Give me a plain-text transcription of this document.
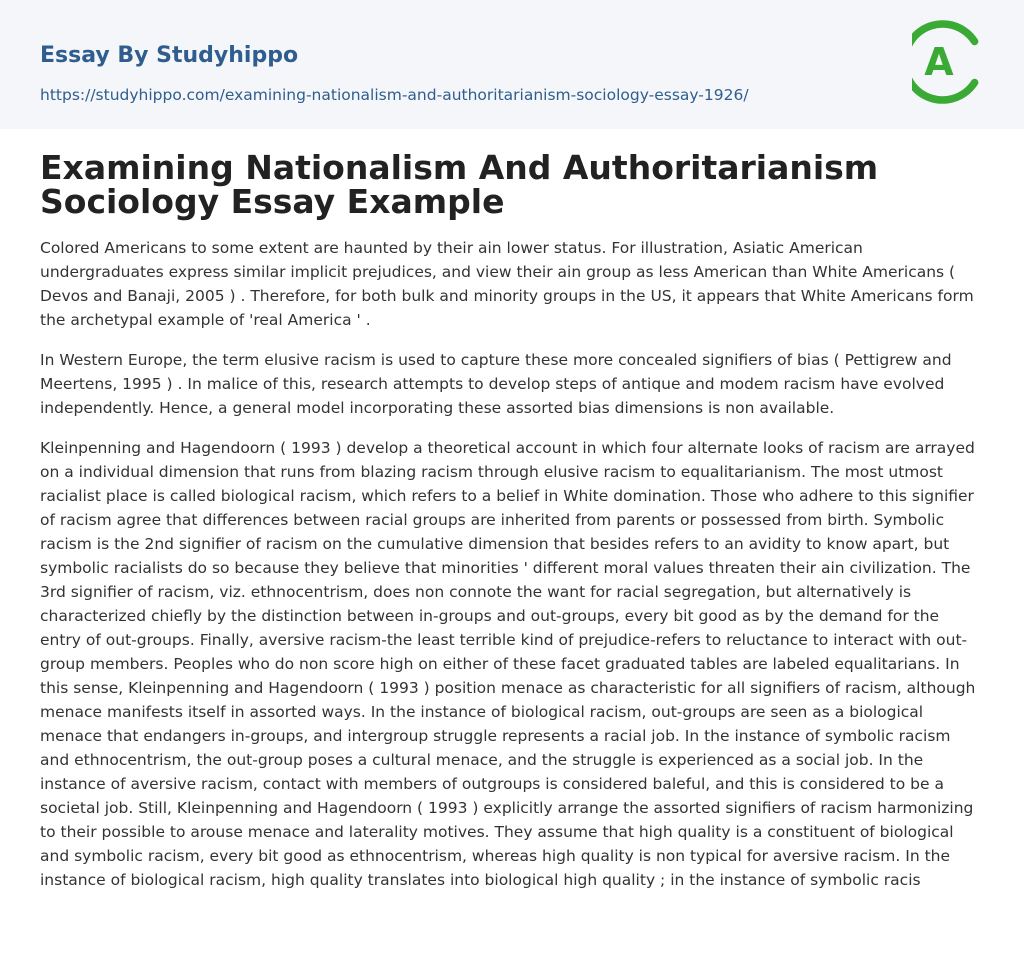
Essay By Studyhippo
https://studyhippo.com/examining-nationalism-and-authoritarianism-sociology-essay-1926/
A
Examining Nationalism And Authoritarianism Sociology Essay Example

Colored Americans to some extent are haunted by their ain lower status. For illustration, Asiatic American undergraduates express similar implicit prejudices, and view their ain group as less American than White Americans ( Devos and Banaji, 2005 ) . Therefore, for both bulk and minority groups in the US, it appears that White Americans form the archetypal example of 'real America ' .

In Western Europe, the term elusive racism is used to capture these more concealed signifiers of bias ( Pettigrew and Meertens, 1995 ) . In malice of this, research attempts to develop steps of antique and modem racism have evolved independently. Hence, a general model incorporating these assorted bias dimensions is non available.

Kleinpenning and Hagendoorn ( 1993 ) develop a theoretical account in which four alternate looks of racism are arrayed on a individual dimension that runs from blazing racism through elusive racism to equalitarianism. The most utmost racialist place is called biological racism, which refers to a belief in White domination. Those who adhere to this signifier of racism agree that differences between racial groups are inherited from parents or possessed from birth. Symbolic racism is the 2nd signifier of racism on the cumulative dimension that besides refers to an avidity to know apart, but symbolic racialists do so because they believe that minorities ' different moral values threaten their ain civilization. The 3rd signifier of racism, viz. ethnocentrism, does non connote the want for racial segregation, but alternatively is characterized chiefly by the distinction between in-groups and out-groups, every bit good as by the demand for the entry of out-groups. Finally, aversive racism-the least terrible kind of prejudice-refers to reluctance to interact with out-group members. Peoples who do non score high on either of these facet graduated tables are labeled equalitarians. In this sense, Kleinpenning and Hagendoorn ( 1993 ) position menace as characteristic for all signifiers of racism, although menace manifests itself in assorted ways. In the instance of biological racism, out-groups are seen as a biological menace that endangers in-groups, and intergroup struggle represents a racial job. In the instance of symbolic racism and ethnocentrism, the out-group poses a cultural menace, and the struggle is experienced as a social job. In the instance of aversive racism, contact with members of outgroups is considered baleful, and this is considered to be a societal job. Still, Kleinpenning and Hagendoorn ( 1993 ) explicitly arrange the assorted signifiers of racism harmonizing to their possible to arouse menace and laterality motives. They assume that high quality is a constituent of biological and symbolic racism, every bit good as ethnocentrism, whereas high quality is non typical for aversive racism. In the instance of biological racism, high quality translates into biological high quality ; in the instance of symbolic racis
